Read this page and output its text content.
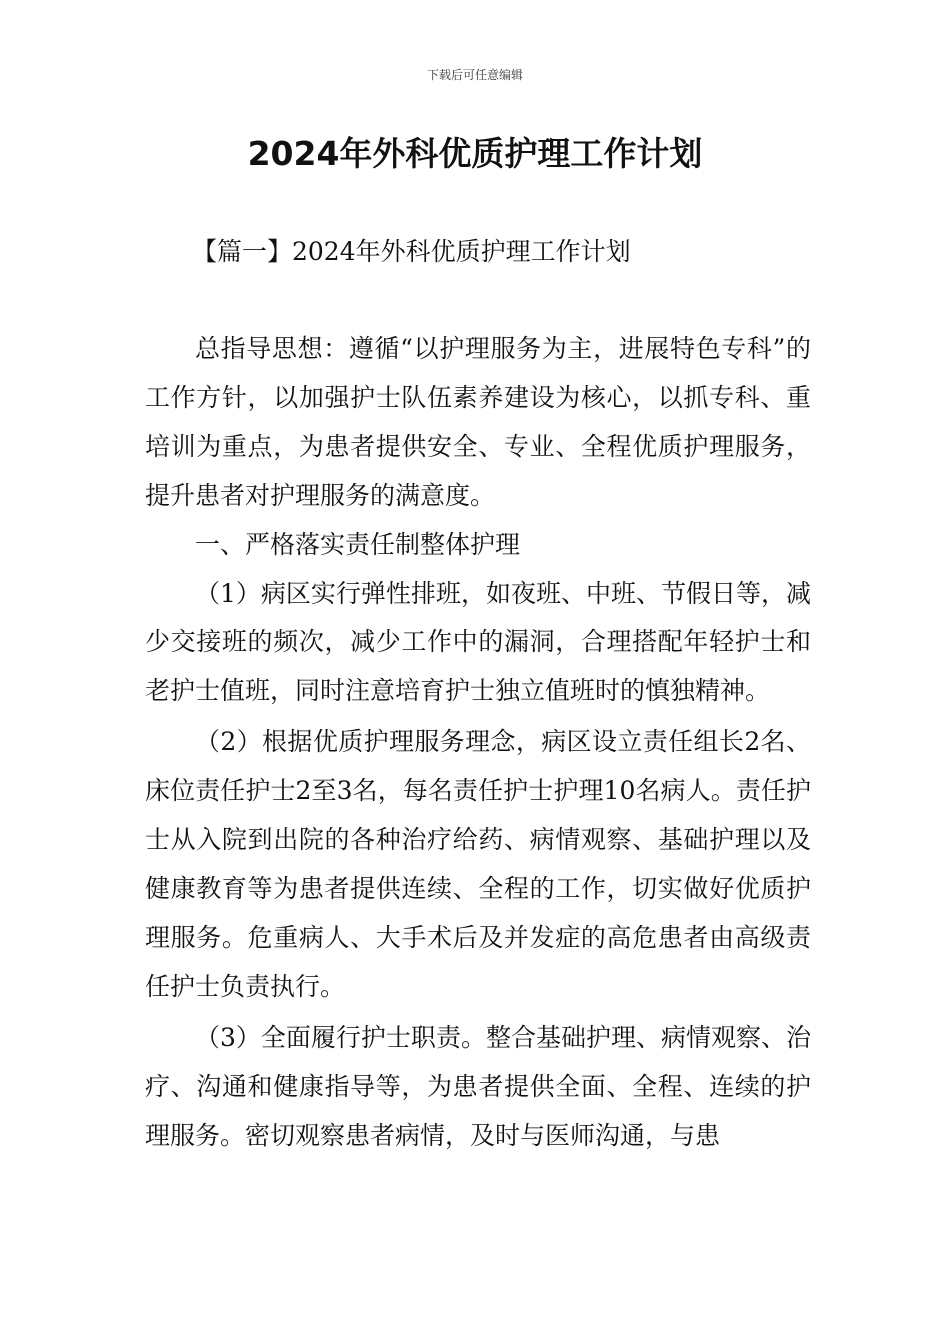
下载后可任意编辑
2024年外科优质护理工作计划
【篇一】2024年外科优质护理工作计划

总指导思想：遵循“以护理服务为主，进展特色专科”的工作方针，以加强护士队伍素养建设为核心，以抓专科、重培训为重点，为患者提供安全、专业、全程优质护理服务，提升患者对护理服务的满意度。

一、严格落实责任制整体护理

（1）病区实行弹性排班，如夜班、中班、节假日等，减少交接班的频次，减少工作中的漏洞，合理搭配年轻护士和老护士值班，同时注意培育护士独立值班时的慎独精神。

（2）根据优质护理服务理念，病区设立责任组长2名、床位责任护士2至3名，每名责任护士护理10名病人。责任护士从入院到出院的各种治疗给药、病情观察、基础护理以及健康教育等为患者提供连续、全程的工作，切实做好优质护理服务。危重病人、大手术后及并发症的高危患者由高级责任护士负责执行。

（3）全面履行护士职责。整合基础护理、病情观察、治疗、沟通和健康指导等，为患者提供全面、全程、连续的护理服务。密切观察患者病情，及时与医师沟通，与患
